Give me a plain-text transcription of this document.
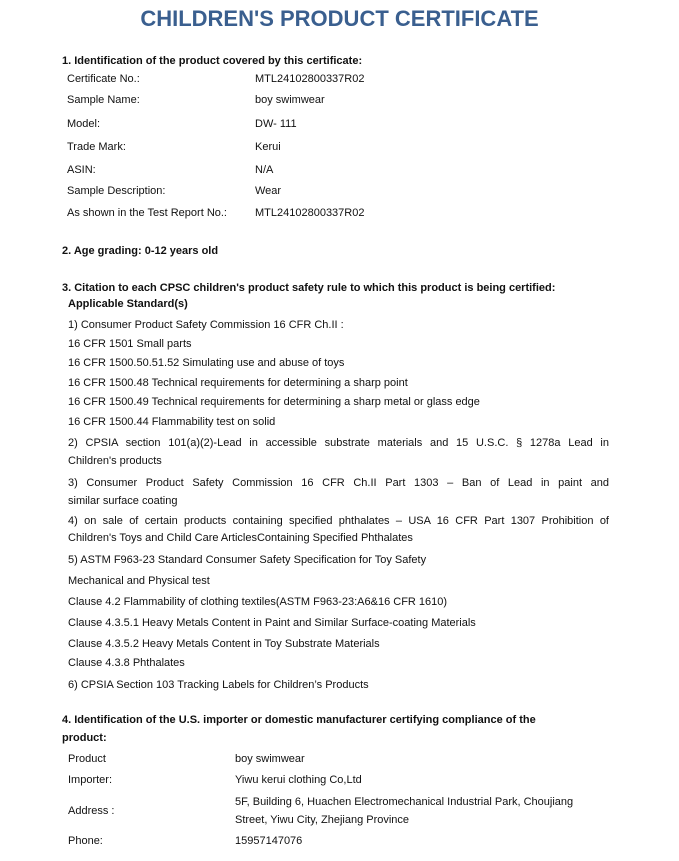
CHILDREN'S PRODUCT CERTIFICATE
1. Identification of the product covered by this certificate:
Certificate No.:	MTL24102800337R02
Sample Name:	boy swimwear
Model:	DW- 111
Trade Mark:	Kerui
ASIN:	N/A
Sample Description:	Wear
As shown in the Test Report No.:	MTL24102800337R02
2. Age grading: 0-12 years old
3. Citation to each CPSC children's product safety rule to which this product is being certified:
Applicable Standard(s)
1) Consumer Product Safety Commission 16 CFR Ch.II :
16 CFR 1501 Small parts
16 CFR 1500.50.51.52 Simulating use and abuse of toys
16 CFR 1500.48 Technical requirements for determining a sharp point
16 CFR 1500.49 Technical requirements for determining a sharp metal or glass edge
16 CFR 1500.44 Flammability test on solid
2) CPSIA section 101(a)(2)-Lead in accessible substrate materials and 15 U.S.C. § 1278a Lead in
Children's products
3) Consumer Product Safety Commission 16 CFR Ch.II Part 1303 – Ban of Lead in paint and
similar surface coating
4) on sale of certain products containing specified phthalates – USA 16 CFR Part 1307 Prohibition of
Children's Toys and Child Care ArticlesContaining Specified Phthalates
5) ASTM F963-23 Standard Consumer Safety Specification for Toy Safety
Mechanical and Physical test
Clause 4.2 Flammability of clothing textiles(ASTM F963-23:A6&16 CFR 1610)
Clause 4.3.5.1 Heavy Metals Content in Paint and Similar Surface-coating Materials
Clause 4.3.5.2 Heavy Metals Content in Toy Substrate Materials
Clause 4.3.8 Phthalates
6) CPSIA Section 103 Tracking Labels for Children’s Products
4. Identification of the U.S. importer or domestic manufacturer certifying compliance of the
product:
Product	boy swimwear
Importer:	Yiwu kerui clothing Co,Ltd
Address :
5F, Building 6, Huachen Electromechanical Industrial Park, Choujiang
Street, Yiwu City, Zhejiang Province
Phone:	15957147076
